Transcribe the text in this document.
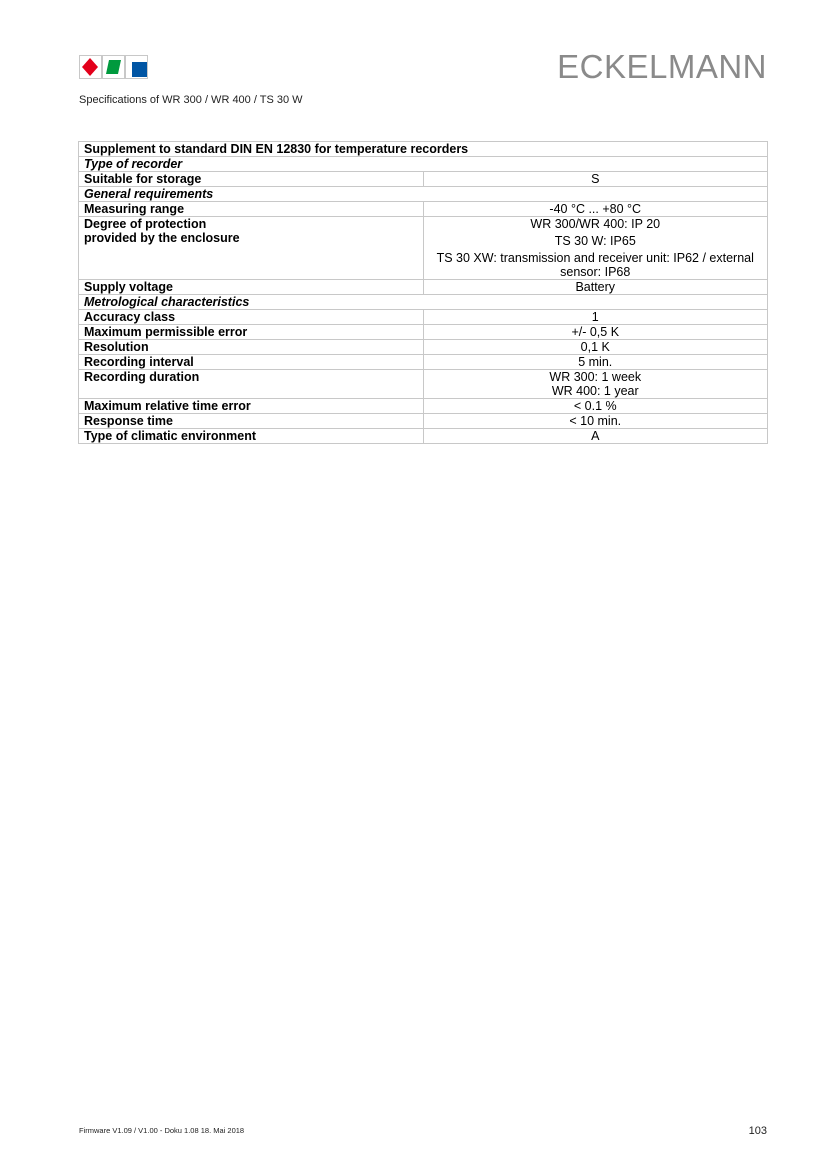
ECKELMANN
Specifications of WR 300 / WR 400 / TS 30 W
Supplement to standard DIN EN 12830 for temperature recorders	
Type of recorder	
Suitable for storage	S
General requirements	
Measuring range	-40 °C ... +80 °C

Degree of protection
provided by the enclosure	WR 300/WR 400: IP 20
TS 30 W: IP65
TS 30 XW: transmission and receiver unit: IP62 / external sensor: IP68

Supply voltage	Battery
Metrological characteristics	
Accuracy class	1
Maximum permissible error	+/- 0,5 K
Resolution	0,1 K
Recording interval	5 min.
Recording duration	WR 300: 1 week
WR 400: 1 year

Maximum relative time error	< 0.1 %
Response time	< 10 min.
Type of climatic environment	A
Firmware V1.09 / V1.00 - Doku 1.08 18. Mai 2018	103
